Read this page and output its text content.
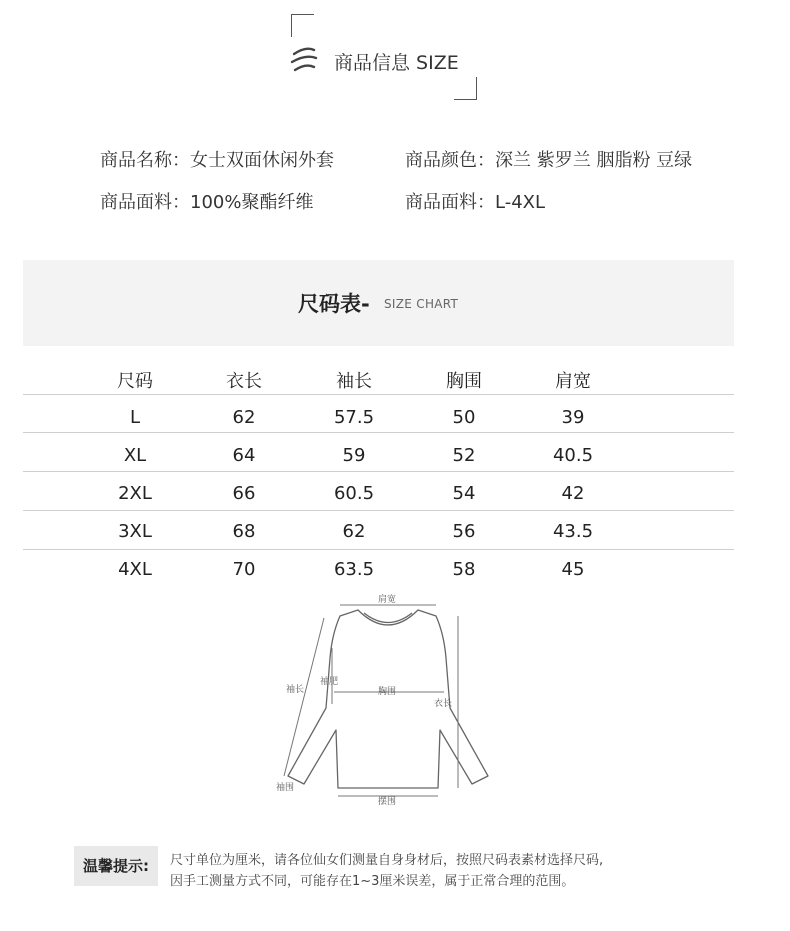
商品信息 SIZE
商品名称：女士双面休闲外套	商品颜色：深兰 紫罗兰 胭脂粉 豆绿
商品面料：100%聚酯纤维	商品面料：L-4XL
尺码表- SIZE CHART
尺码	衣长	袖长	胸围	肩宽
L	62	57.5	50	39
XL	64	59	52	40.5
2XL	66	60.5	54	42
3XL	68	62	56	43.5
4XL	70	63.5	58	45
肩宽
袖长
袖肥
胸围
衣长
袖围
摆围
温馨提示:	尺寸单位为厘米，请各位仙女们测量自身身材后，按照尺码表素材选择尺码,
因手工测量方式不同，可能存在1~3厘米误差，属于正常合理的范围。
